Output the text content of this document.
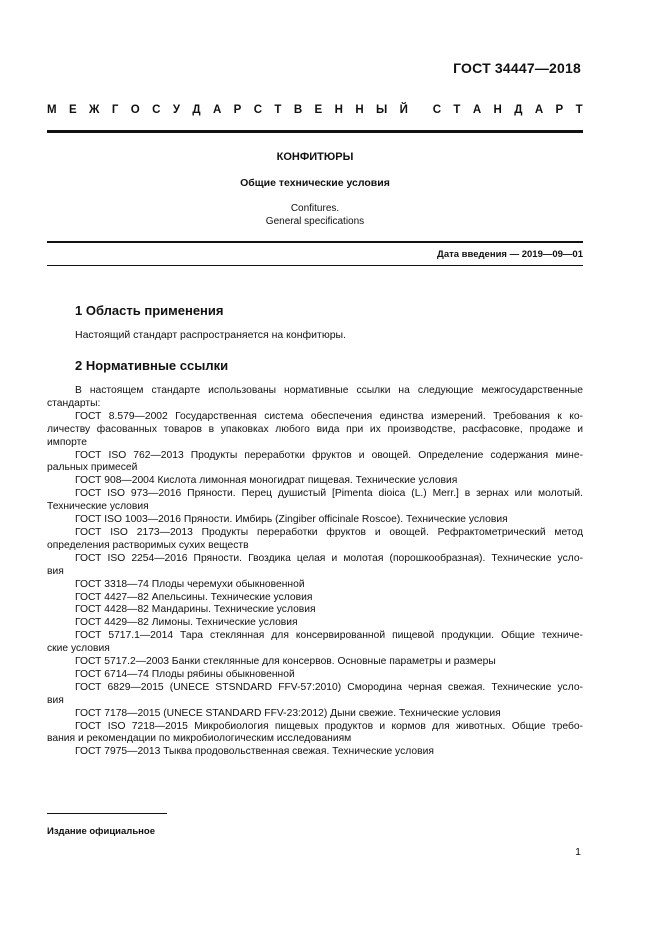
ГОСТ 34447—2018
М Е Ж Г О С У Д А Р С Т В Е Н Н Ы Й С Т А Н Д А Р Т
КОНФИТЮРЫ
Общие технические условия
Confitures.
General specifications
Дата введения — 2019—09—01
1 Область применения
Настоящий стандарт распространяется на конфитюры.
2 Нормативные ссылки
В настоящем стандарте использованы нормативные ссылки на следующие межгосударственные
стандарты:
ГОСТ 8.579—2002 Государственная система обеспечения единства измерений. Требования к ко-
личеству фасованных товаров в упаковках любого вида при их производстве, расфасовке, продаже и
импорте
ГОСТ ISO 762—2013 Продукты переработки фруктов и овощей. Определение содержания мине-
ральных примесей
ГОСТ 908—2004 Кислота лимонная моногидрат пищевая. Технические условия
ГОСТ ISO 973—2016 Пряности. Перец душистый [Pimenta dioica (L.) Merr.] в зернах или молотый.
Технические условия
ГОСТ ISO 1003—2016 Пряности. Имбирь (Zingiber officinale Roscoe). Технические условия
ГОСТ ISO 2173—2013 Продукты переработки фруктов и овощей. Рефрактометрический метод
определения растворимых сухих веществ
ГОСТ ISO 2254—2016 Пряности. Гвоздика целая и молотая (порошкообразная). Технические усло-
вия
ГОСТ 3318—74 Плоды черемухи обыкновенной
ГОСТ 4427—82 Апельсины. Технические условия
ГОСТ 4428—82 Мандарины. Технические условия
ГОСТ 4429—82 Лимоны. Технические условия
ГОСТ 5717.1—2014 Тара стеклянная для консервированной пищевой продукции. Общие техниче-
ские условия
ГОСТ 5717.2—2003 Банки стеклянные для консервов. Основные параметры и размеры
ГОСТ 6714—74 Плоды рябины обыкновенной
ГОСТ 6829—2015 (UNECE STSNDARD FFV-57:2010) Смородина черная свежая. Технические усло-
вия
ГОСТ 7178—2015 (UNECE STANDARD FFV-23:2012) Дыни свежие. Технические условия
ГОСТ ISO 7218—2015 Микробиология пищевых продуктов и кормов для животных. Общие требо-
вания и рекомендации по микробиологическим исследованиям
ГОСТ 7975—2013 Тыква продовольственная свежая. Технические условия
Издание официальное
1
